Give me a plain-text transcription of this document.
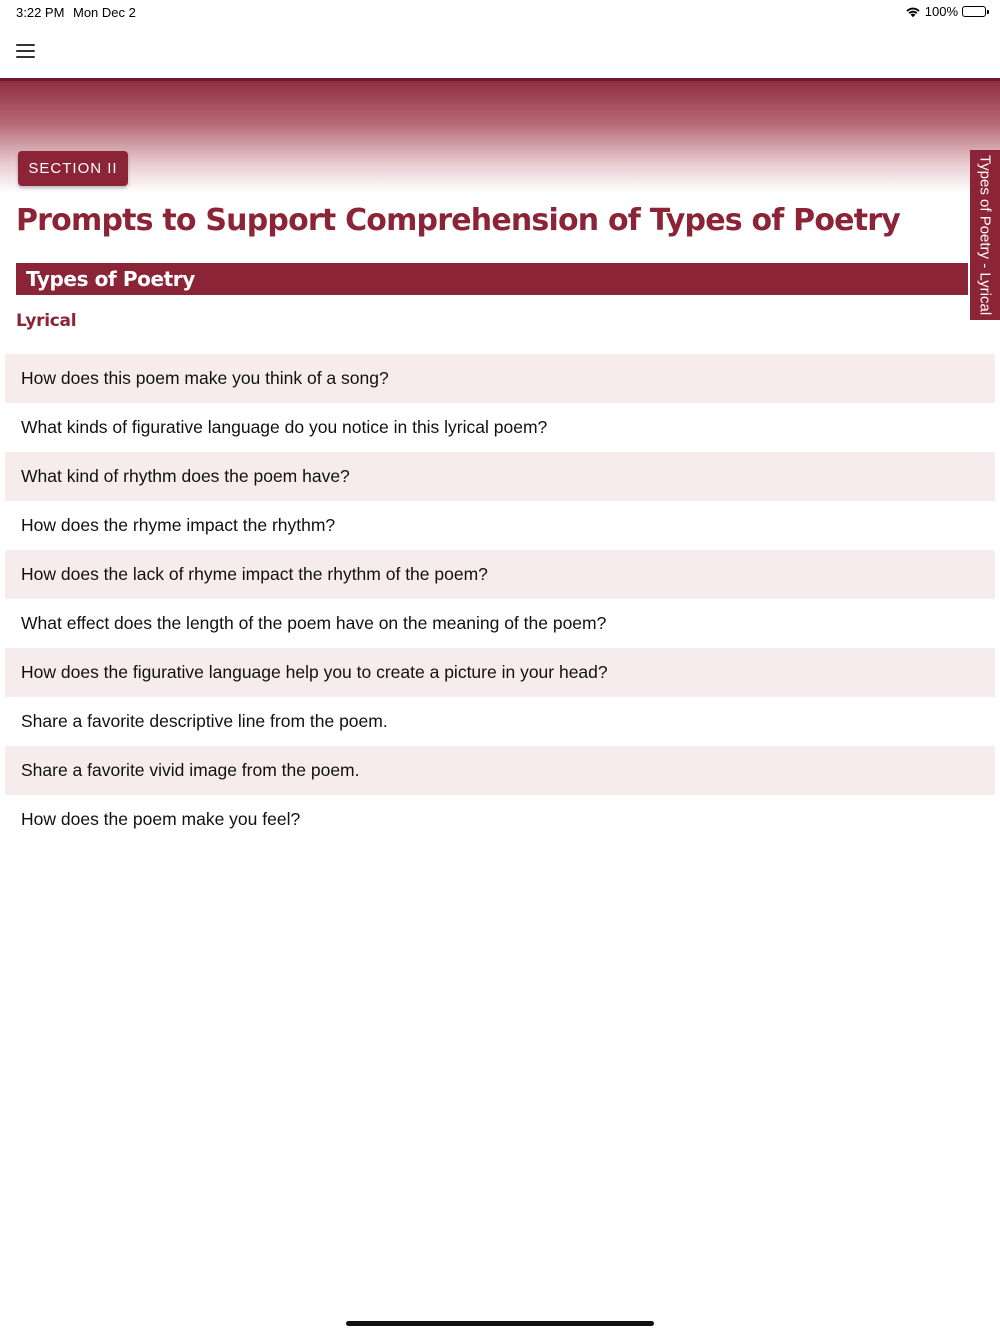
3:22 PM Mon Dec 2	100%
SECTION II
Prompts to Support Comprehension of Types of Poetry
Types of Poetry	Types of Poetry - Lyrical
Lyrical
How does this poem make you think of a song?
What kinds of figurative language do you notice in this lyrical poem?
What kind of rhythm does the poem have?
How does the rhyme impact the rhythm?
How does the lack of rhyme impact the rhythm of the poem?
What effect does the length of the poem have on the meaning of the poem?
How does the figurative language help you to create a picture in your head?
Share a favorite descriptive line from the poem.
Share a favorite vivid image from the poem.
How does the poem make you feel?
